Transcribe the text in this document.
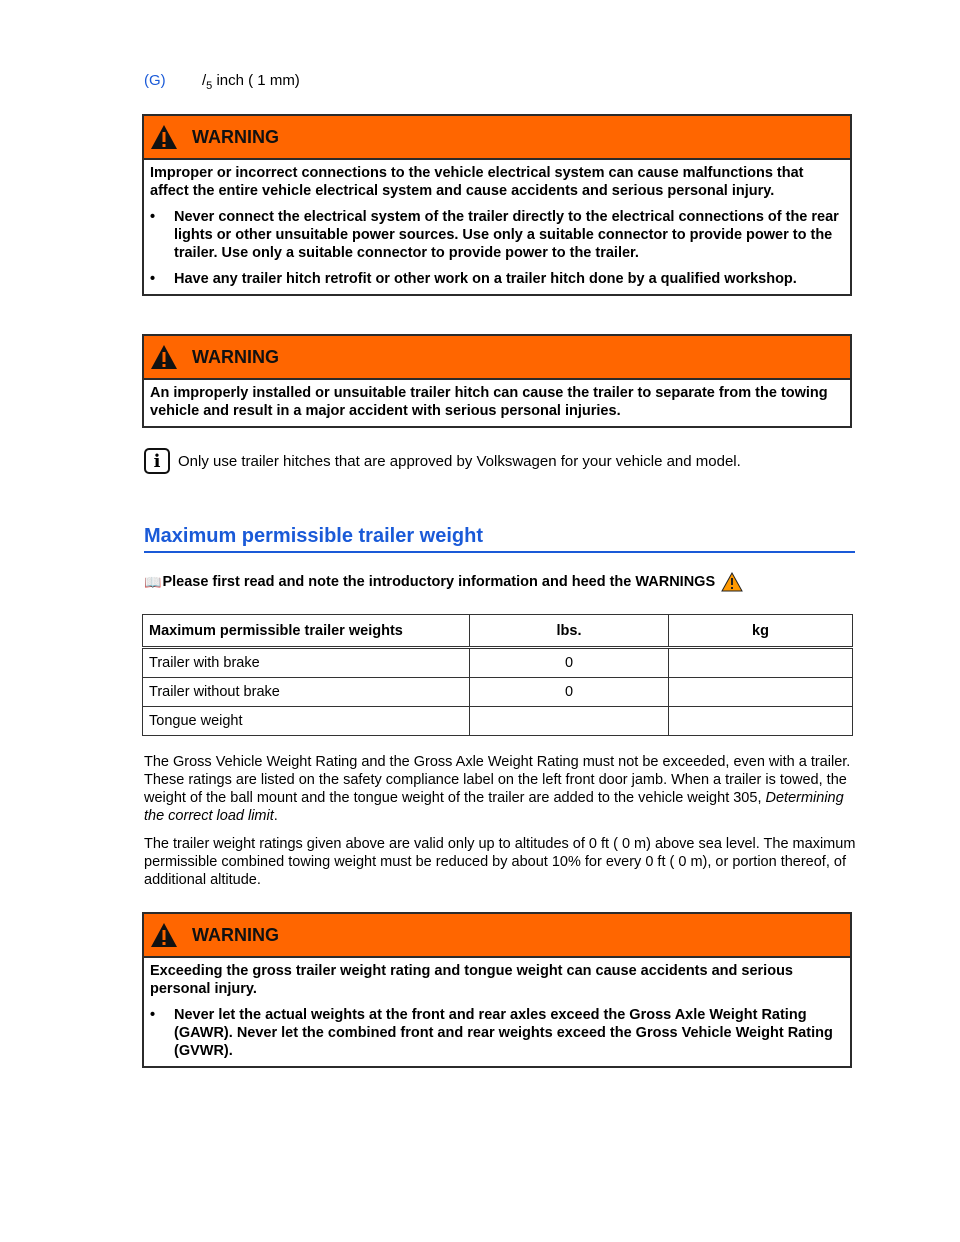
(G) $/_5$ inch ( 1 mm)
WARNING

Improper or incorrect connections to the vehicle electrical system can cause malfunctions that affect the entire vehicle electrical system and cause accidents and serious personal injury.

•	Never connect the electrical system of the trailer directly to the electrical connections of the rear lights or other unsuitable power sources. Use only a suitable connector to provide power to the trailer. Use only a suitable connector to provide power to the trailer.

•	Have any trailer hitch retrofit or other work on a trailer hitch done by a qualified workshop.

WARNING

An improperly installed or unsuitable trailer hitch can cause the trailer to separate from the towing vehicle and result in a major accident with serious personal injuries.

i	Only use trailer hitches that are approved by Volkswagen for your vehicle and model.
Maximum permissible trailer weight
📖 Please first read and note the introductory information and heed the WARNINGS
Maximum permissible trailer weights	lbs.	kg
Trailer with brake	0	
Trailer without brake	0	
Tongue weight		
The Gross Vehicle Weight Rating and the Gross Axle Weight Rating must not be exceeded, even with a trailer. These ratings are listed on the safety compliance label on the left front door jamb. When a trailer is towed, the weight of the ball mount and the tongue weight of the trailer are added to the vehicle weight 305, Determining the correct load limit.
The trailer weight ratings given above are valid only up to altitudes of 0 ft ( 0 m) above sea level. The maximum permissible combined towing weight must be reduced by about 10% for every 0 ft ( 0 m), or portion thereof, of additional altitude.
WARNING

Exceeding the gross trailer weight rating and tongue weight can cause accidents and serious personal injury.

•	Never let the actual weights at the front and rear axles exceed the Gross Axle Weight Rating (GAWR). Never let the combined front and rear weights exceed the Gross Vehicle Weight Rating (GVWR).
